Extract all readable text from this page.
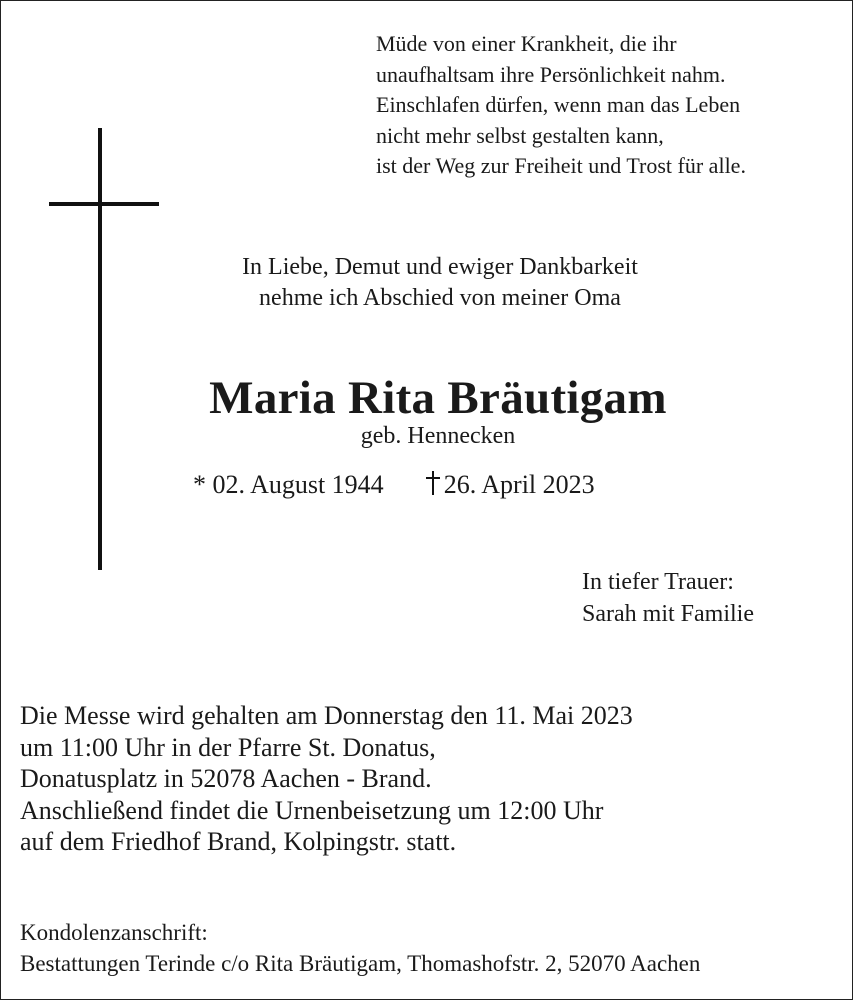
Müde von einer Krankheit, die ihr
unaufhaltsam ihre Persönlichkeit nahm.
Einschlafen dürfen, wenn man das Leben
nicht mehr selbst gestalten kann,
ist der Weg zur Freiheit und Trost für alle.
In Liebe, Demut und ewiger Dankbarkeit
nehme ich Abschied von meiner Oma
Maria Rita Bräutigam
geb. Hennecken
* 02. August 1944 26. April 2023
In tiefer Trauer:
Sarah mit Familie
Die Messe wird gehalten am Donnerstag den 11. Mai 2023
um 11:00 Uhr in der Pfarre St. Donatus,
Donatusplatz in 52078 Aachen - Brand.
Anschließend findet die Urnenbeisetzung um 12:00 Uhr
auf dem Friedhof Brand, Kolpingstr. statt.
Kondolenzanschrift:
Bestattungen Terinde c/o Rita Bräutigam, Thomashofstr. 2, 52070 Aachen
